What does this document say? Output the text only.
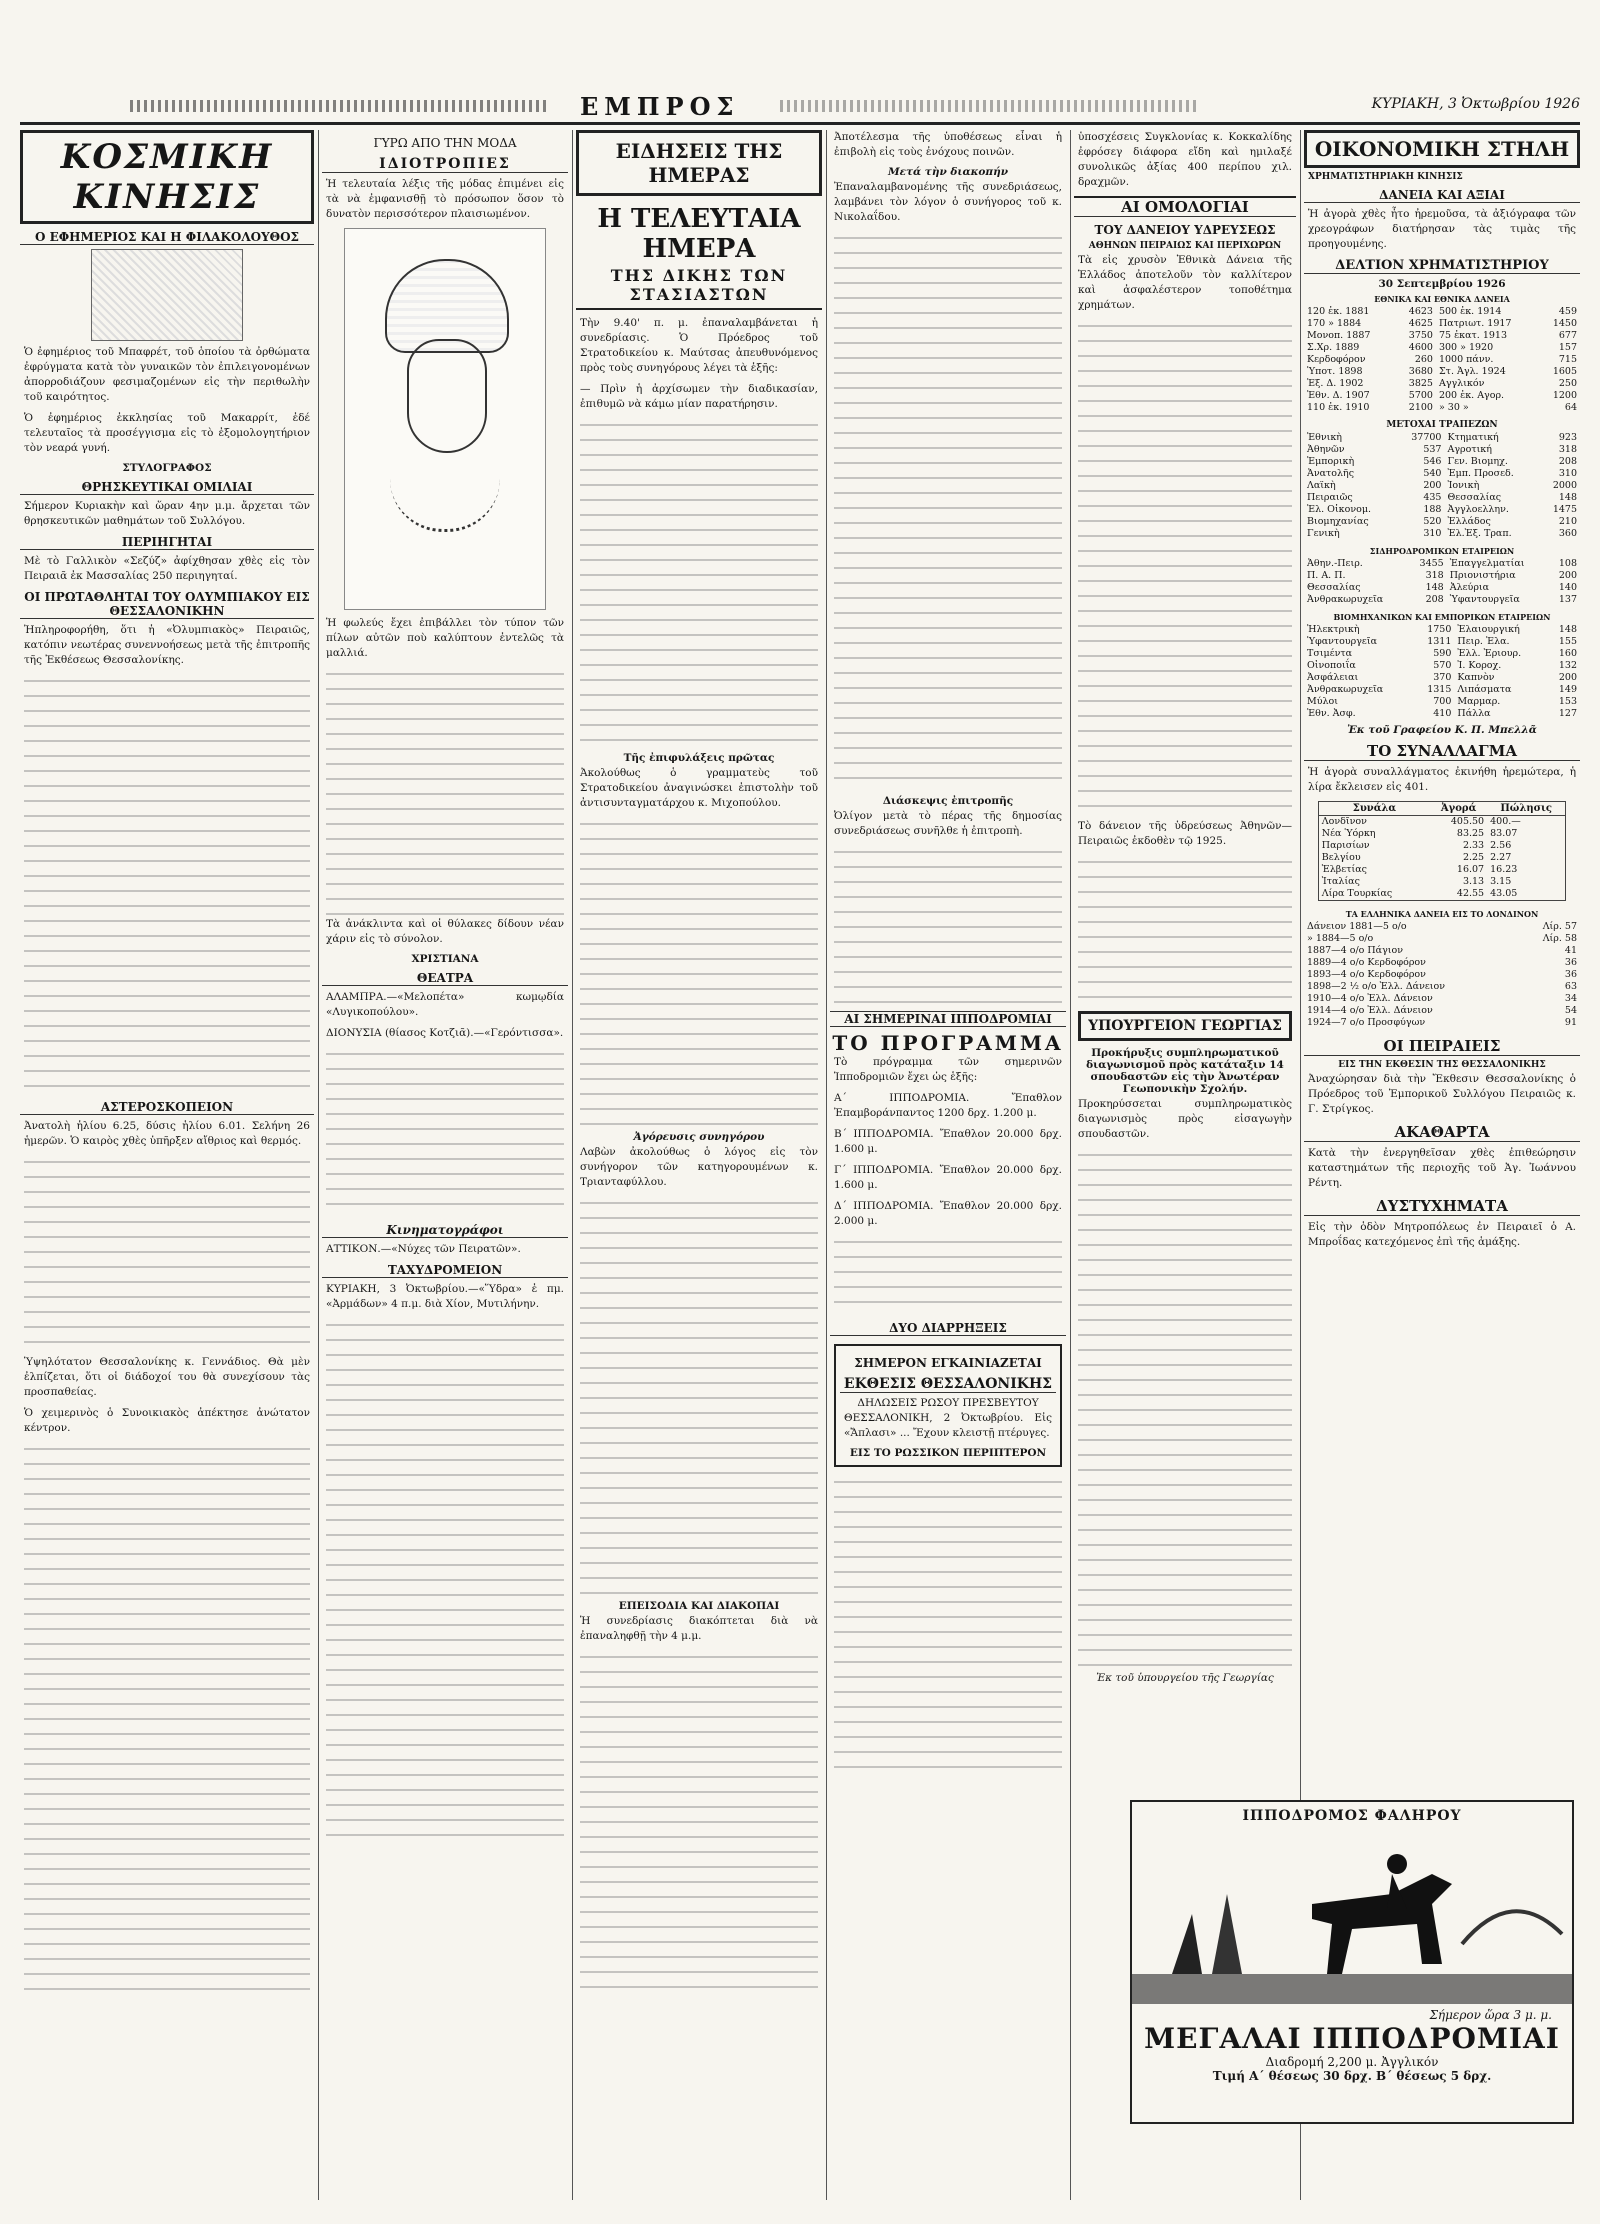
ΕΜΠΡΟΣ	ΚΥΡΙΑΚΗ, 3 Ὀκτωβρίου 1926
ΚΟΣΜΙΚΗ ΚΙΝΗΣΙΣ
Ο ΕΦΗΜΕΡΙΟΣ ΚΑΙ Η ΦΙΛΑΚΟΛΟΥΘΟΣ

Ὁ ἐφημέριος τοῦ Μπαφρέτ, τοῦ ὁποίου τὰ ὀρθώματα ἐφρύγματα κατὰ τὸν γυναικῶν τὸν ἐπιλειγονομένων ἀπορροδιάζουν φεσιμαζομένων εἰς τὴν περιθωλὴν τοῦ καιρότητος.

Ὁ ἐφημέριος ἐκκλησίας τοῦ Μακαρρίτ, ἐδέ τελευταῖος τὰ προσέγγισμα εἰς τὸ ἐξομολογητήριον τὸν νεαρά γυνή.

ΣΤΥΛΟΓΡΑΦΟΣ
ΘΡΗΣΚΕΥΤΙΚΑΙ ΟΜΙΛΙΑΙ

Σήμερον Κυριακὴν καὶ ὥραν 4ην μ.μ. ἄρχεται τῶν θρησκευτικῶν μαθημάτων τοῦ Συλλόγου.

ΠΕΡΙΗΓΗΤΑΙ

Μὲ τὸ Γαλλικὸν «Σεζύζ» ἀφίχθησαν χθὲς εἰς τὸν Πειραιᾶ ἐκ Μασσαλίας 250 περιηγηταί.

ΟΙ ΠΡΩΤΑΘΛΗΤΑΙ ΤΟΥ ΟΛΥΜΠΙΑΚΟΥ ΕΙΣ ΘΕΣΣΑΛΟΝΙΚΗΝ

Ἠπληροφορήθη, ὅτι ἡ «Ὀλυμπιακὸς» Πειραιῶς, κατόπιν νεωτέρας συνεννοήσεως μετὰ τῆς ἐπιτροπῆς τῆς Ἐκθέσεως Θεσσαλονίκης.

ΑΣΤΕΡΟΣΚΟΠΕΙΟΝ

Ἀνατολὴ ἡλίου 6.25, δύσις ἡλίου 6.01. Σελήνη 26 ἡμερῶν. Ὁ καιρὸς χθὲς ὑπῆρξεν αἴθριος καὶ θερμός.

Ὑψηλότατον Θεσσαλονίκης κ. Γεννάδιος. Θὰ μὲν ἐλπίζεται, ὅτι οἱ διάδοχοί του θὰ συνεχίσουν τὰς προσπαθείας.

Ὁ χειμερινὸς ὁ Συνοικιακὸς ἀπέκτησε ἀνώτατον κέντρον.

ΓΥΡΩ ΑΠΟ ΤΗΝ ΜΟΔΑ
ΙΔΙΟΤΡΟΠΙΕΣ

Ἡ τελευταία λέξις τῆς μόδας ἐπιμένει εἰς τὰ νὰ ἐμφανισθῇ τὸ πρόσωπον ὅσον τὸ δυνατὸν περισσότερον πλαισιωμένον.

Ἡ φωλεύς ἔχει ἐπιβάλλει τὸν τύπον τῶν πίλων αὐτῶν ποὺ καλύπτουν ἐντελῶς τὰ μαλλιά.

Τὰ ἀνάκλιντα καὶ οἱ θύλακες δίδουν νέαν χάριν εἰς τὸ σύνολον.

ΧΡΙΣΤΙΑΝΑ
ΘΕΑΤΡΑ

ΑΛΑΜΠΡΑ.—«Μελοπέτα» κωμῳδία «Λυγικοπούλου».

ΔΙΟΝΥΣΙΑ (θίασος Κοτζιᾶ).—«Γερόντισσα».

Κινηματογράφοι

ΑΤΤΙΚΟΝ.—«Νύχες τῶν Πειρατῶν».

ΤΑΧΥΔΡΟΜΕΙΟΝ

ΚΥΡΙΑΚΗ, 3 Ὀκτωβρίου.—«Ὕδρα» ἐ πμ. «Ἀρμάδων» 4 π.μ. διὰ Χίον, Μυτιλήνην.

ΕΙΔΗΣΕΙΣ ΤΗΣ ΗΜΕΡΑΣ
Η ΤΕΛΕΥΤΑΙΑ ΗΜΕΡΑ
ΤΗΣ ΔΙΚΗΣ ΤΩΝ ΣΤΑΣΙΑΣΤΩΝ

Τὴν 9.40' π. μ. ἐπαναλαμβάνεται ἡ συνεδρίασις. Ὁ Πρόεδρος τοῦ Στρατοδικείου κ. Μαύτσας ἀπευθυνόμενος πρὸς τοὺς συνηγόρους λέγει τὰ ἑξῆς:

— Πρὶν ἡ ἀρχίσωμεν τὴν διαδικασίαν, ἐπιθυμῶ νὰ κάμω μίαν παρατήρησιν.

Τῆς ἐπιφυλάξεις πρῶτας

Ἀκολούθως ὁ γραμματεὺς τοῦ Στρατοδικείου ἀναγινώσκει ἐπιστολὴν τοῦ ἀντισυνταγματάρχου κ. Μιχοπούλου.

Ἀγόρευσις συνηγόρου

Λαβὼν ἀκολούθως ὁ λόγος εἰς τὸν συνήγορον τῶν κατηγορουμένων κ. Τριανταφύλλου.

ΕΠΕΙΣΟΔΙΑ ΚΑΙ ΔΙΑΚΟΠΑΙ

Ἡ συνεδρίασις διακόπτεται διὰ νὰ ἐπαναληφθῇ τὴν 4 μ.μ.

Ἀποτέλεσμα τῆς ὑποθέσεως εἶναι ἡ ἐπιβολὴ εἰς τοὺς ἐνόχους ποινῶν.

Μετά τὴν διακοπήν

Ἐπαναλαμβανομένης τῆς συνεδριάσεως, λαμβάνει τὸν λόγον ὁ συνήγορος τοῦ κ. Νικολαΐδου.

Διάσκεψις ἐπιτροπῆς

Ὀλίγον μετὰ τὸ πέρας τῆς δημοσίας συνεδριάσεως συνῆλθε ἡ ἐπιτροπὴ.

ΑΙ ΣΗΜΕΡΙΝΑΙ ΙΠΠΟΔΡΟΜΙΑΙ
ΤΟ ΠΡΟΓΡΑΜΜΑ

Τὸ πρόγραμμα τῶν σημερινῶν Ἱπποδρομιῶν ἔχει ὡς ἑξῆς:

Α΄ ΙΠΠΟΔΡΟΜΙΑ. Ἔπαθλον Ἐπαμβοράνπαντος 1200 δρχ. 1.200 μ.

Β΄ ΙΠΠΟΔΡΟΜΙΑ. Ἔπαθλον 20.000 δρχ. 1.600 μ.

Γ΄ ΙΠΠΟΔΡΟΜΙΑ. Ἔπαθλον 20.000 δρχ. 1.600 μ.

Δ΄ ΙΠΠΟΔΡΟΜΙΑ. Ἔπαθλον 20.000 δρχ. 2.000 μ.

ΔΥΟ ΔΙΑΡΡΗΞΕΙΣ
ΣΗΜΕΡΟΝ ΕΓΚΑΙΝΙΑΖΕΤΑΙ
ΕΚΘΕΣΙΣ ΘΕΣΣΑΛΟΝΙΚΗΣ
ΔΗΛΩΣΕΙΣ ΡΩΣΟΥ ΠΡΕΣΒΕΥΤΟΥ

ΘΕΣΣΑΛΟΝΙΚΗ, 2 Ὀκτωβρίου. Εἰς «Ἄπλασι» ... Ἔχουν κλειστῇ πτέρυγες.

ΕΙΣ ΤΟ ΡΩΣΣΙΚΟΝ ΠΕΡΙΠΤΕΡΟΝ

ὑποσχέσεις Συγκλονίας κ. Κοκκαλίδης ἐφρόσεγ διάφορα εἴδη καὶ ημιλαξέ συνολικῶς ἀξίας 400 περίπου χιλ. δραχμῶν.

ΑΙ ΟΜΟΛΟΓΙΑΙ
ΤΟΥ ΔΑΝΕΙΟΥ ΥΔΡΕΥΣΕΩΣ
ΑΘΗΝΩΝ ΠΕΙΡΑΙΩΣ ΚΑΙ ΠΕΡΙΧΩΡΩΝ

Τὰ εἰς χρυσὸν Ἑθνικὰ Δάνεια τῆς Ἑλλάδος ἀποτελοῦν τὸν καλλίτερον καὶ ἀσφαλέστερον τοποθέτημα χρημάτων.

Τὸ δάνειον τῆς ὑδρεύσεως Ἀθηνῶν—Πειραιῶς ἐκδοθὲν τῷ 1925.

ΥΠΟΥΡΓΕΙΟΝ ΓΕΩΡΓΙΑΣ
Προκήρυξις συμπληρωματικοῦ διαγωνισμοῦ πρὸς κατάταξιν 14 σπουδαστῶν εἰς τὴν Ἀνωτέραν Γεωπονικὴν Σχολήν.

Προκηρύσσεται συμπληρωματικὸς διαγωνισμὸς πρὸς εἰσαγωγὴν σπουδαστῶν.

Ἐκ τοῦ ὑπουργείου τῆς Γεωργίας
ΟΙΚΟΝΟΜΙΚΗ ΣΤΗΛΗ
ΧΡΗΜΑΤΙΣΤΗΡΙΑΚΗ ΚΙΝΗΣΙΣ
ΔΑΝΕΙΑ ΚΑΙ ΑΞΙΑΙ

Ἡ ἀγορὰ χθὲς ἦτο ἠρεμοῦσα, τὰ ἀξιόγραφα τῶν χρεογράφων διατήρησαν τὰς τιμὰς τῆς προηγουμένης.

ΔΕΛΤΙΟΝ ΧΡΗΜΑΤΙΣΤΗΡΙΟΥ
30 Σεπτεμβρίου 1926
ΕΘΝΙΚΑ ΚΑΙ ΕΘΝΙΚΑ ΔΑΝΕΙΑ
120 ἐκ. 1881	4623	500 ἐκ. 1914	459
170 » 1884	4625	Πατριωτ. 1917	1450
Μονοπ. 1887	3750	75 ἐκατ. 1913	677
Σ.Χρ. 1889	4600	300 » 1920	157
Κερδοφόρον	260	1000 πάνν.	715
Ὑποτ. 1898	3680	Στ. Ἀγλ. 1924	1605
Ἐξ. Δ. 1902	3825	Αγγλικόν	250
Ἐθν. Δ. 1907	5700	200 ἐκ. Αγορ.	1200
110 ἐκ. 1910	2100	» 30 »	64
ΜΕΤΟΧΑΙ ΤΡΑΠΕΖΩΝ
Ἐθνικὴ	37700	Κτηματική	923
Ἀθηνῶν	537	Αγροτική	318
Ἐμπορικὴ	546	Γεν. Βιομηχ.	208
Ἀνατολῆς	540	Ἐμπ. Προσεδ.	310
Λαϊκὴ	200	Ἰονικὴ	2000
Πειραιῶς	435	Θεσσαλίας	148
Ἐλ. Οἰκονομ.	188	Ἀγγλοελλην.	1475
Βιομηχανίας	520	Ἐλλάδος	210
Γενικὴ	310	Ἐλ.Ἐξ. Τραπ.	360
ΣΙΔΗΡΟΔΡΟΜΙΚΩΝ ΕΤΑΙΡΕΙΩΝ
Ἀθην.-Πειρ.	3455	Ἐπαγγελματίαι	108
Π. Α. Π.	318	Πριονιστήρια	200
Θεσσαλίας	148	Ἀλεύρια	140
Ἀνθρακωρυχεῖα	208	Ὑφαντουργεῖα	137
ΒΙΟΜΗΧΑΝΙΚΩΝ ΚΑΙ ΕΜΠΟΡΙΚΩΝ ΕΤΑΙΡΕΙΩΝ
Ἠλεκτρικὴ	1750	Ἐλαιουργική	148
Ὑφαντουργεῖα	1311	Πειρ. Ἐλα.	155
Τσιμέντα	590	Ἐλλ. Ἐριουρ.	160
Οἰνοποιΐα	570	Ἰ. Κοροχ.	132
Ἀσφάλειαι	370	Καπνὸν	200
Ἀνθρακωρυχεῖα	1315	Λιπάσματα	149
Μύλοι	700	Μαρμαρ.	153
Ἐθν. Ἀσφ.	410	Πάλλα	127
Ἐκ τοῦ Γραφείου Κ. Π. Μπελλᾶ
ΤΟ ΣΥΝΑΛΛΑΓΜΑ

Ἡ ἀγορὰ συναλλάγματος ἐκινήθη ἠρεμώτερα, ἡ λίρα ἔκλεισεν εἰς 401.

Συνάλα	Ἀγορά	Πώλησις
Λονδῖνον	405.50	400.—
Νέα Ὑόρκη	83.25	83.07
Παρισίων	2.33	2.56
Βελγίου	2.25	2.27
Ἑλβετίας	16.07	16.23
Ἰταλίας	3.13	3.15
Λίρα Τουρκίας	42.55	43.05
ΤΑ ΕΛΛΗΝΙΚΑ ΔΑΝΕΙΑ ΕΙΣ ΤΟ ΛΟΝΔΙΝΟΝ
Δάνειον 1881—5 ο/ο	Λίρ. 57
» 1884—5 ο/ο	Λίρ. 58
1887—4 ο/ο Πάγιον	41
1889—4 ο/ο Κερδοφόρον	36
1893—4 ο/ο Κερδοφόρον	36
1898—2 ½ ο/ο Ἐλλ. Δάνειον	63
1910—4 ο/ο Ἐλλ. Δάνειον	34
1914—4 ο/ο Ἐλλ. Δάνειον	54
1924—7 ο/ο Προσφύγων	91
ΟΙ ΠΕΙΡΑΙΕΙΣ
ΕΙΣ ΤΗΝ ΕΚΘΕΣΙΝ ΤΗΣ ΘΕΣΣΑΛΟΝΙΚΗΣ

Ἀναχώρησαν διὰ τὴν Ἔκθεσιν Θεσσαλονίκης ὁ Πρόεδρος τοῦ Ἐμπορικοῦ Συλλόγου Πειραιῶς κ. Γ. Στρίγκος.

ΑΚΑΘΑΡΤΑ

Κατὰ τὴν ἐνεργηθεῖσαν χθὲς ἐπιθεώρησιν καταστημάτων τῆς περιοχῆς τοῦ Ἀγ. Ἰωάννου Ρέντη.

ΔΥΣΤΥΧΗΜΑΤΑ

Εἰς τὴν ὁδὸν Μητροπόλεως ἐν Πειραιεῖ ὁ Α. Μπροΐδας κατεχόμενος ἐπὶ τῆς ἁμάξης.

ΙΠΠΟΔΡΟΜΟΣ ΦΑΛΗΡΟΥ
Σήμερον ὥρα 3 μ. μ.
ΜΕΓΑΛΑΙ ΙΠΠΟΔΡΟΜΙΑΙ
Διαδρομή 2,200 μ. Ἀγγλικόν
Τιμή Α΄ θέσεως 30 δρχ. Β΄ θέσεως 5 δρχ.
